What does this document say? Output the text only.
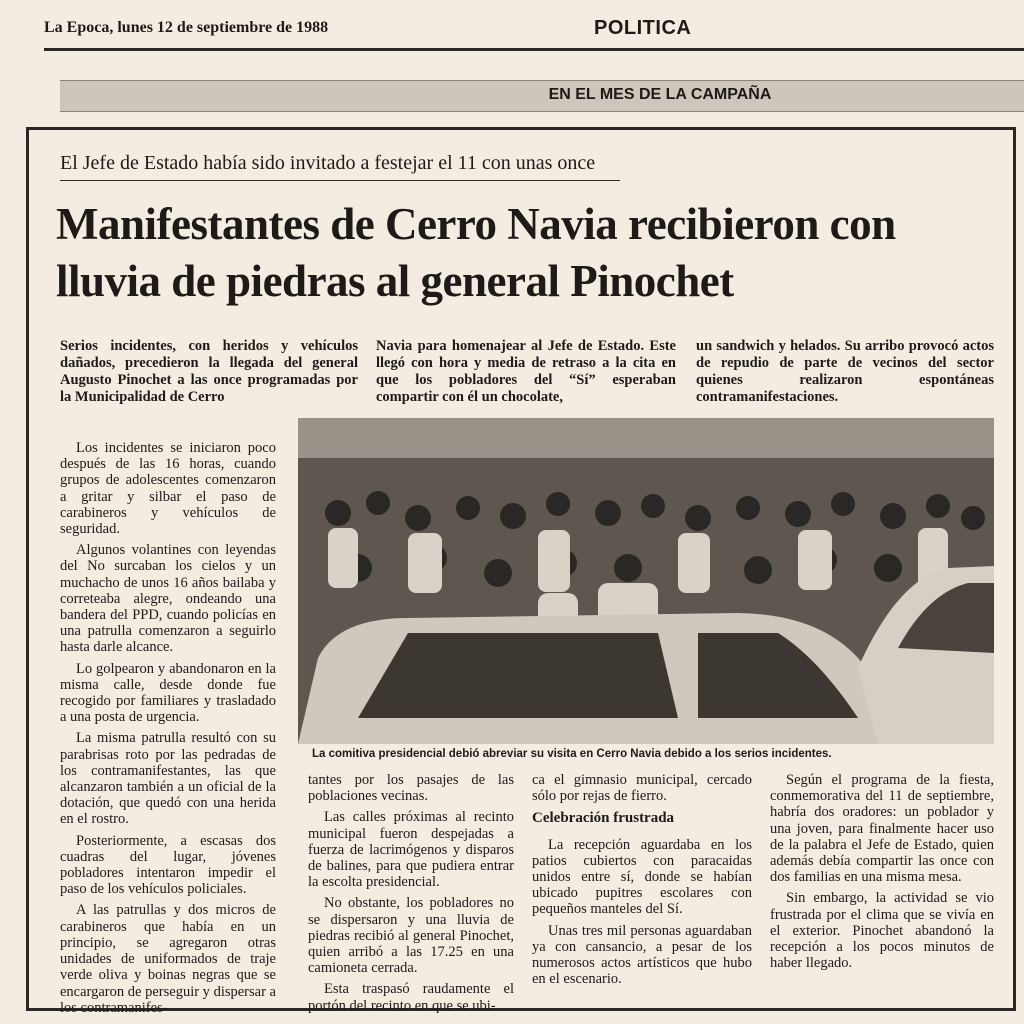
La Epoca, lunes 12 de septiembre de 1988	POLITICA
EN EL MES DE LA CAMPAÑA
El Jefe de Estado había sido invitado a festejar el 11 con unas once
Manifestantes de Cerro Navia recibieron con lluvia de piedras al general Pinochet
Serios incidentes, con heridos y vehículos dañados, precedieron la llegada del general Augusto Pinochet a las once programadas por la Municipalidad de Cerro
Navia para homenajear al Jefe de Estado. Este llegó con hora y media de retraso a la cita en que los pobladores del “Sí” esperaban compartir con él un chocolate,
un sandwich y helados. Su arribo provocó actos de repudio de parte de vecinos del sector quienes realizaron espontáneas contramanifestaciones.
La comitiva presidencial debió abreviar su visita en Cerro Navia debido a los serios incidentes.

Los incidentes se iniciaron poco después de las 16 horas, cuando grupos de adolescentes comenzaron a gritar y silbar el paso de carabineros y vehículos de seguridad.

Algunos volantines con leyendas del No surcaban los cielos y un muchacho de unos 16 años bailaba y correteaba alegre, ondeando una bandera del PPD, cuando policías en una patrulla comenzaron a seguirlo hasta darle alcance.

Lo golpearon y abandonaron en la misma calle, desde donde fue recogido por familiares y trasladado a una posta de urgencia.

La misma patrulla resultó con su parabrisas roto por las pedradas de los contramanifestantes, las que alcanzaron también a un oficial de la dotación, que quedó con una herida en el rostro.

Posteriormente, a escasas dos cuadras del lugar, jóvenes pobladores intentaron impedir el paso de los vehículos policiales.

A las patrullas y dos micros de carabineros que había en un principio, se agregaron otras unidades de uniformados de traje verde oliva y boinas negras que se encargaron de perseguir y dispersar a los contramanifes-

tantes por los pasajes de las poblaciones vecinas.

Las calles próximas al recinto municipal fueron despejadas a fuerza de lacrimógenos y disparos de balines, para que pudiera entrar la escolta presidencial.

No obstante, los pobladores no se dispersaron y una lluvia de piedras recibió al general Pinochet, quien arribó a las 17.25 en una camioneta cerrada.

Esta traspasó raudamente el portón del recinto en que se ubi-

ca el gimnasio municipal, cercado sólo por rejas de fierro.

Celebración frustrada

La recepción aguardaba en los patios cubiertos con paracaidas unidos entre sí, donde se habían ubicado pupitres escolares con pequeños manteles del Sí.

Unas tres mil personas aguardaban ya con cansancio, a pesar de los numerosos actos artísticos que hubo en el escenario.

Según el programa de la fiesta, conmemorativa del 11 de septiembre, habría dos oradores: un poblador y una joven, para finalmente hacer uso de la palabra el Jefe de Estado, quien además debía compartir las once con dos familias en una misma mesa.

Sin embargo, la actividad se vio frustrada por el clima que se vivía en el exterior. Pinochet abandonó la recepción a los pocos minutos de haber llegado.
